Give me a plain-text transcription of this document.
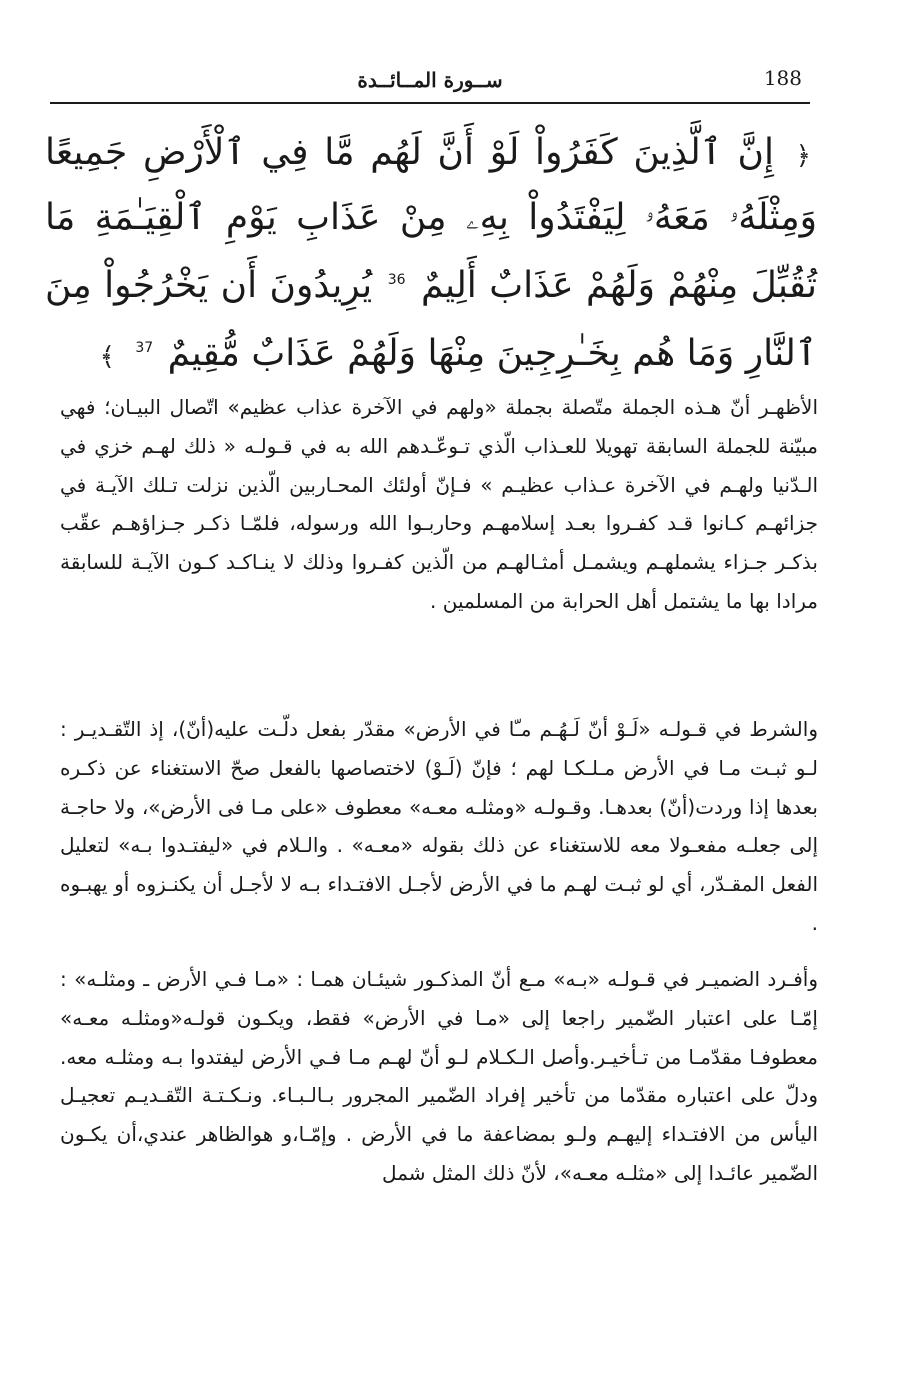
188
ســورة المــائــدة
﴿ إِنَّ ٱلَّذِينَ كَفَرُواْ لَوْ أَنَّ لَهُم مَّا فِي ٱلْأَرْضِ جَمِيعًا وَمِثْلَهُۥ مَعَهُۥ لِيَفْتَدُواْ بِهِۦ مِنْ عَذَابِ يَوْمِ ٱلْقِيَـٰمَةِ مَا تُقُبِّلَ مِنْهُمْ وَلَهُمْ عَذَابٌ أَلِيمٌ $^{36}$ يُرِيدُونَ أَن يَخْرُجُواْ مِنَ ٱلنَّارِ وَمَا هُم بِخَـٰرِجِينَ مِنْهَا وَلَهُمْ عَذَابٌ مُّقِيمٌ $^{37}$ ﴾
الأظهـر أنّ هـذه الجملة متّصلة بجملة «ولهم في الآخرة عذاب عظيم» اتّصال البيـان؛ فهي مبيّنة للجملة السابقة تهويلا للعـذاب الّذي تـوعّـدهم الله به في قـولـه « ذلك لهـم خزي في الـدّنيا ولهـم في الآخرة عـذاب عظيـم » فـإنّ أولئك المحـاربين الّذين نزلت تـلك الآيـة في جزائهـم كـانوا قـد كفـروا بعـد إسلامهـم وحاربـوا الله ورسوله، فلمّـا ذكـر جـزاؤهـم عقّب بذكـر جـزاء يشملهـم ويشمـل أمثـالهـم من الّذين كفـروا وذلك لا ينـاكـد كـون الآيـة للسابقة مرادا بها ما يشتمل أهل الحرابة من المسلمين .
والشرط في قـولـه «لَـوْ أنّ لَـهُـم مـّا في الأرض» مقدّر بفعل دلّـت عليه(أنّ)، إذ التّقـديـر : لـو ثبـت مـا في الأرض مـلـكـا لهم ؛ فإنّ (لَـوْ) لاختصاصها بالفعل صحّ الاستغناء عن ذكـره بعدها إذا وردت(أنّ) بعدهـا. وقـولـه «ومثلـه معـه» معطوف «على مـا فى الأرض»، ولا حاجـة إلى جعلـه مفعـولا معه للاستغناء عن ذلك بقوله «معـه» . والـلام في «ليفتـدوا بـه» لتعليل الفعل المقـدّر، أي لو ثبـت لهـم ما في الأرض لأجـل الافتـداء بـه لا لأجـل أن يكنـزوه أو يهبـوه .
وأفـرد الضميـر في قـولـه «بـه» مـع أنّ المذكـور شيئـان همـا : «مـا فـي الأرض ـ ومثلـه» : إمّـا على اعتبار الضّمير راجعا إلى «مـا في الأرض» فقط، ويكـون قولـه«ومثلـه معـه» معطوفـا مقدّمـا من تـأخيـر.وأصل الـكـلام لـو أنّ لهـم مـا فـي الأرض ليفتدوا بـه ومثلـه معه. ودلّ على اعتباره مقدّما من تأخير إفراد الضّمير المجرور بـالـبـاء. ونـكـتـة التّقـديـم تعجيـل اليأس من الافتـداء إليهـم ولـو بمضاعفة ما في الأرض . وإمّـا،و هوالظاهر عندي،أن يكـون الضّمير عائـدا إلى «مثلـه معـه»، لأنّ ذلك المثل شمل
